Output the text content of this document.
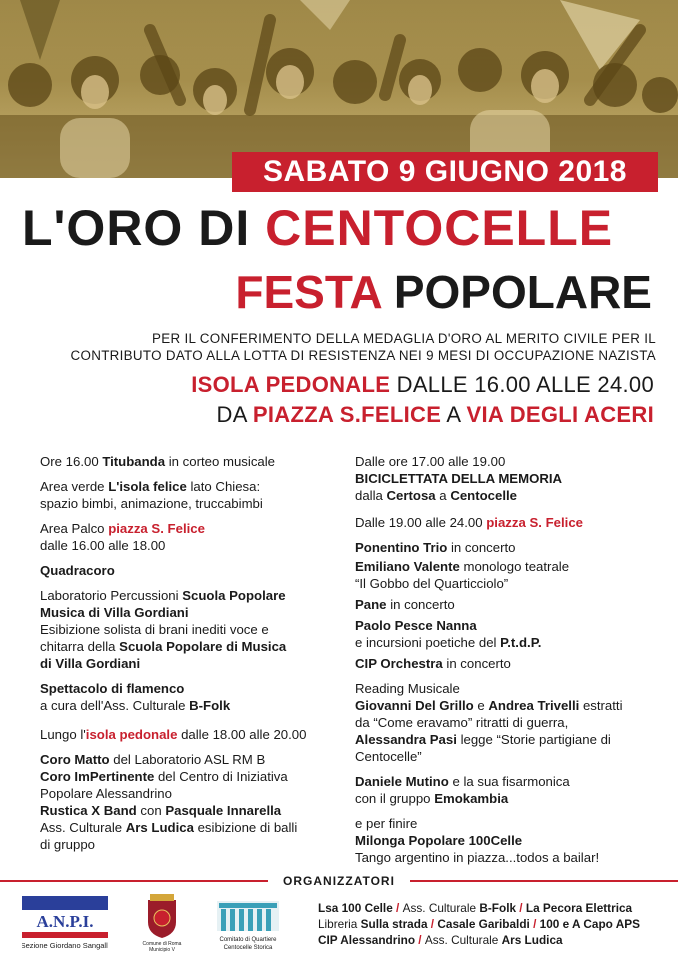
SABATO 9 GIUGNO 2018
L'ORO DI CENTOCELLE
FESTA POPOLARE
PER IL CONFERIMENTO DELLA MEDAGLIA D'ORO AL MERITO CIVILE PER IL
CONTRIBUTO DATO ALLA LOTTA DI RESISTENZA NEI 9 MESI DI OCCUPAZIONE NAZISTA
ISOLA PEDONALE DALLE 16.00 ALLE 24.00
DA PIAZZA S.FELICE A VIA DEGLI ACERI

Ore 16.00 Titubanda in corteo musicale

Area verde L'isola felice lato Chiesa:

spazio bimbi, animazione, truccabimbi

Area Palco piazza S. Felice

dalle 16.00 alle 18.00

Quadracoro

Laboratorio Percussioni Scuola Popolare

Musica di Villa Gordiani

Esibizione solista di brani inediti voce e

chitarra della Scuola Popolare di Musica

di Villa Gordiani

Spettacolo di flamenco

a cura dell'Ass. Culturale B-Folk

Lungo l'isola pedonale dalle 18.00 alle 20.00

Coro Matto del Laboratorio ASL RM B

Coro ImPertinente del Centro di Iniziativa

Popolare Alessandrino

Rustica X Band con Pasquale Innarella

Ass. Culturale Ars Ludica esibizione di balli

di gruppo

Dalle ore 17.00 alle 19.00

BICICLETTATA DELLA MEMORIA

dalla Certosa a Centocelle

Dalle 19.00 alle 24.00 piazza S. Felice

Ponentino Trio in concerto

Emiliano Valente monologo teatrale

“Il Gobbo del Quarticciolo”

Pane in concerto

Paolo Pesce Nanna

e incursioni poetiche del P.t.d.P.

CIP Orchestra in concerto

Reading Musicale

Giovanni Del Grillo e Andrea Trivelli estratti

da “Come eravamo” ritratti di guerra,

Alessandra Pasi legge “Storie partigiane di

Centocelle”

Daniele Mutino e la sua fisarmonica

con il gruppo Emokambia

e per finire

Milonga Popolare 100Celle

Tango argentino in piazza...todos a bailar!

ORGANIZZATORI
A.N.P.I.
Sezione Giordano Sangalli	Comune di Roma
Municipio V
Comitato di Quartiere
Centocelle Storica
Lsa 100 Celle / Ass. Culturale B-Folk / La Pecora Elettrica
Libreria Sulla strada / Casale Garibaldi / 100 e A Capo APS
CIP Alessandrino / Ass. Culturale Ars Ludica
